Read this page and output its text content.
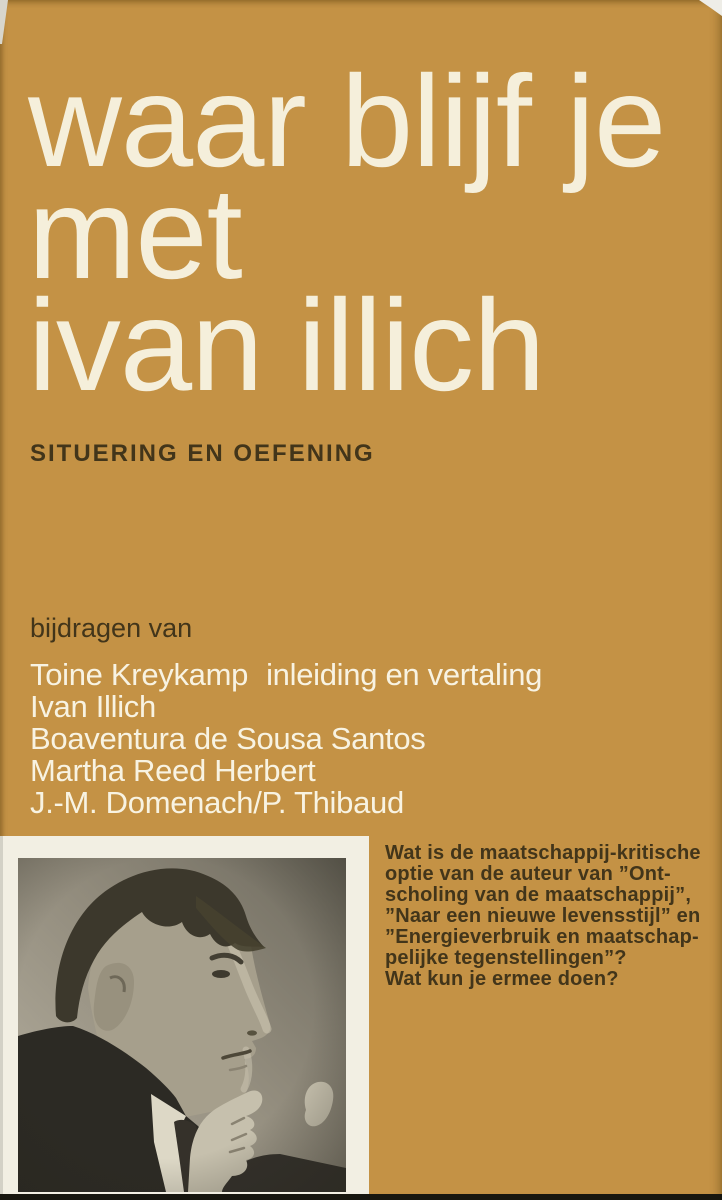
waar blijf je
met
ivan illich
SITUERING EN OEFENING
bijdragen van
Toine Kreykamp inleiding en vertaling
Ivan Illich
Boaventura de Sousa Santos
Martha Reed Herbert
J.-M. Domenach/P. Thibaud
Wat is de maatschappij-kritische
optie van de auteur van ”Ont-
scholing van de maatschappij”,
”Naar een nieuwe levensstijl” en
”Energieverbruik en maatschap-
pelijke tegenstellingen”?
Wat kun je ermee doen?
